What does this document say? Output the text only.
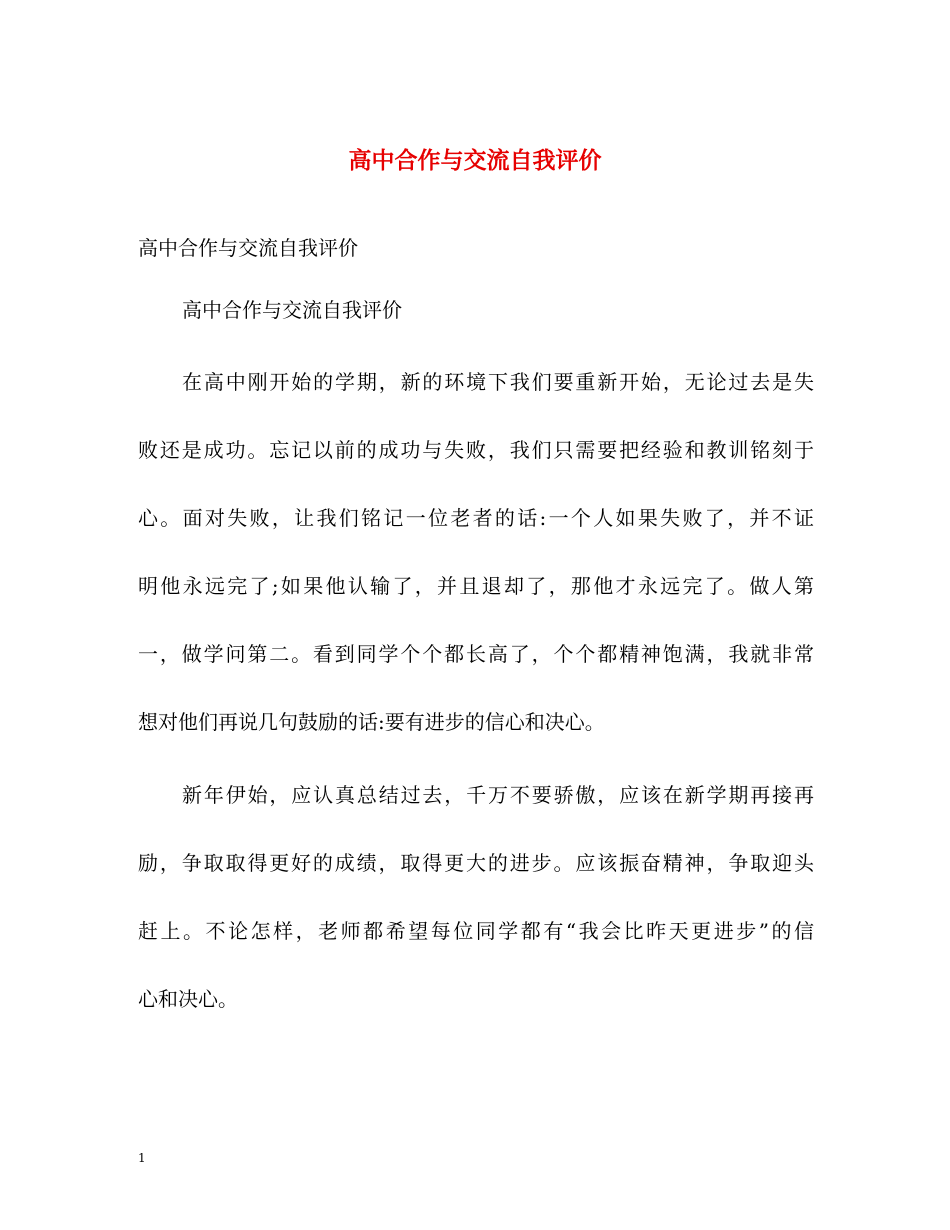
高中合作与交流自我评价

高中合作与交流自我评价

高中合作与交流自我评价

在高中刚开始的学期，新的环境下我们要重新开始，无论过去是失
败还是成功。忘记以前的成功与失败，我们只需要把经验和教训铭刻于
心。面对失败，让我们铭记一位老者的话:一个人如果失败了，并不证
明他永远完了;如果他认输了，并且退却了，那他才永远完了。做人第
一，做学问第二。看到同学个个都长高了，个个都精神饱满，我就非常
想对他们再说几句鼓励的话:要有进步的信心和决心。

新年伊始，应认真总结过去，千万不要骄傲，应该在新学期再接再
励，争取取得更好的成绩，取得更大的进步。应该振奋精神，争取迎头
赶上。不论怎样，老师都希望每位同学都有“我会比昨天更进步”的信
心和决心。

1
